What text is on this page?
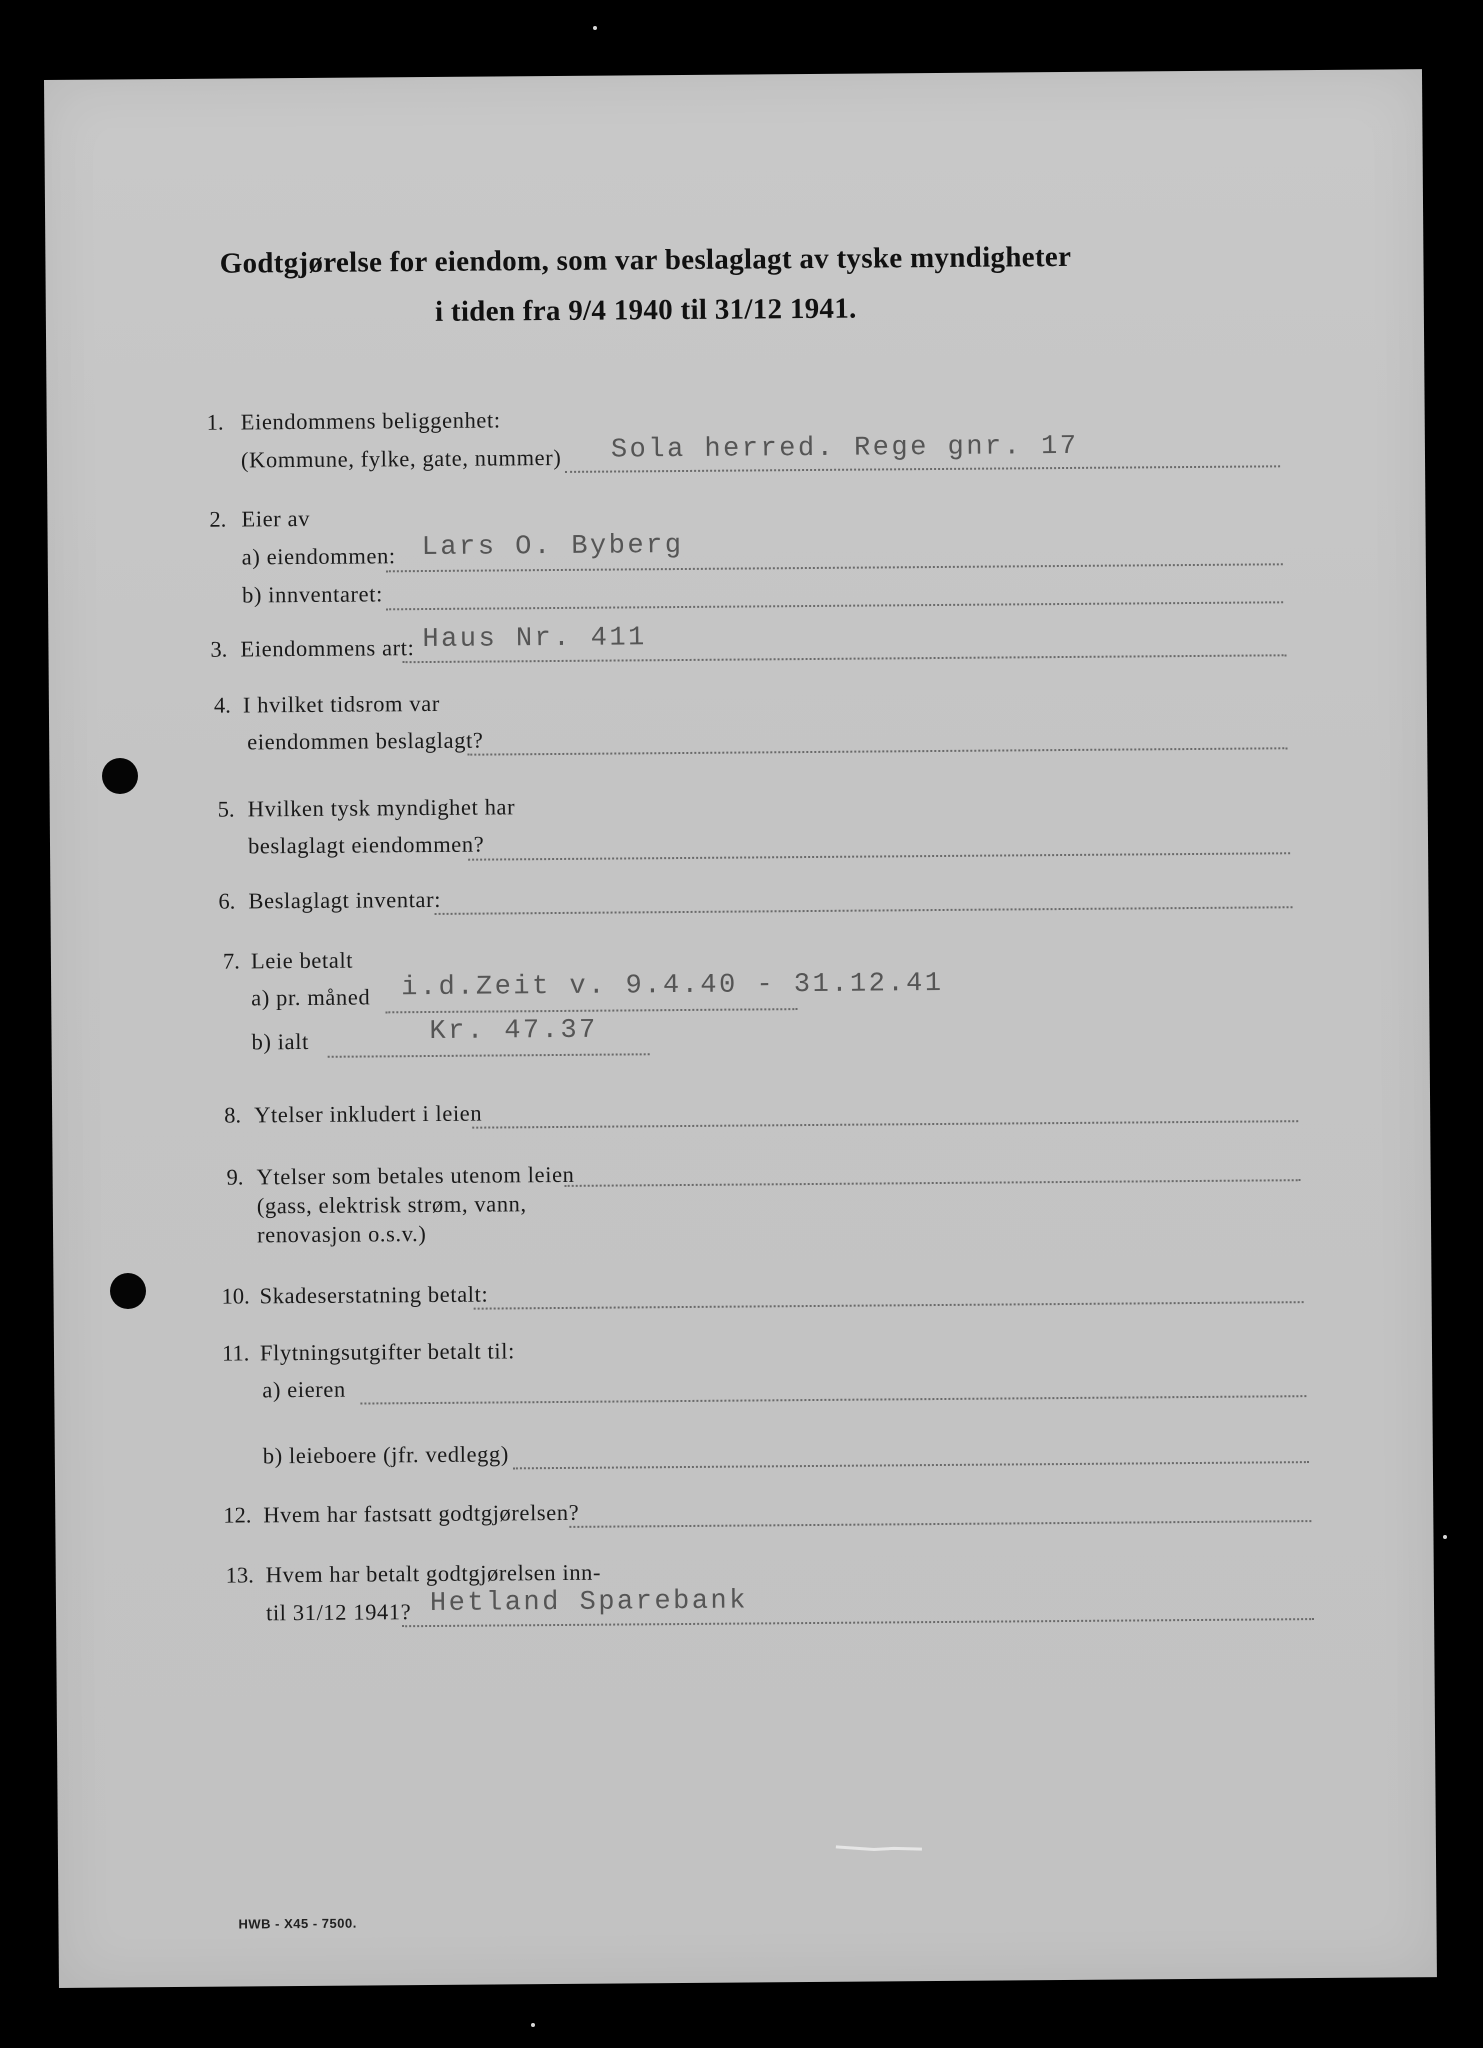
Godtgjørelse for eiendom, som var beslaglagt av tyske myndigheter
i tiden fra 9/4 1940 til 31/12 1941.
1. Eiendommens beliggenhet:
(Kommune, fylke, gate, nummer) Sola herred. Rege gnr. 17
2. Eier av
a) eiendommen: Lars O. Byberg
b) innventaret:
3. Eiendommens art: Haus Nr. 411
4. I hvilket tidsrom var
eiendommen beslaglagt?
5. Hvilken tysk myndighet har
beslaglagt eiendommen?
6. Beslaglagt inventar:
7. Leie betalt
a) pr. måned i.d.Zeit v. 9.4.40 - 31.12.41
b) ialt	Kr. 47.37
8. Ytelser inkludert i leien
9. Ytelser som betales utenom leien
(gass, elektrisk strøm, vann,
renovasjon o.s.v.)
10. Skadeserstatning betalt:
11. Flytningsutgifter betalt til:
a) eieren
b) leieboere (jfr. vedlegg)
12. Hvem har fastsatt godtgjørelsen?
13. Hvem har betalt godtgjørelsen inn-
til 31/12 1941? Hetland Sparebank
HWB - X45 - 7500.
